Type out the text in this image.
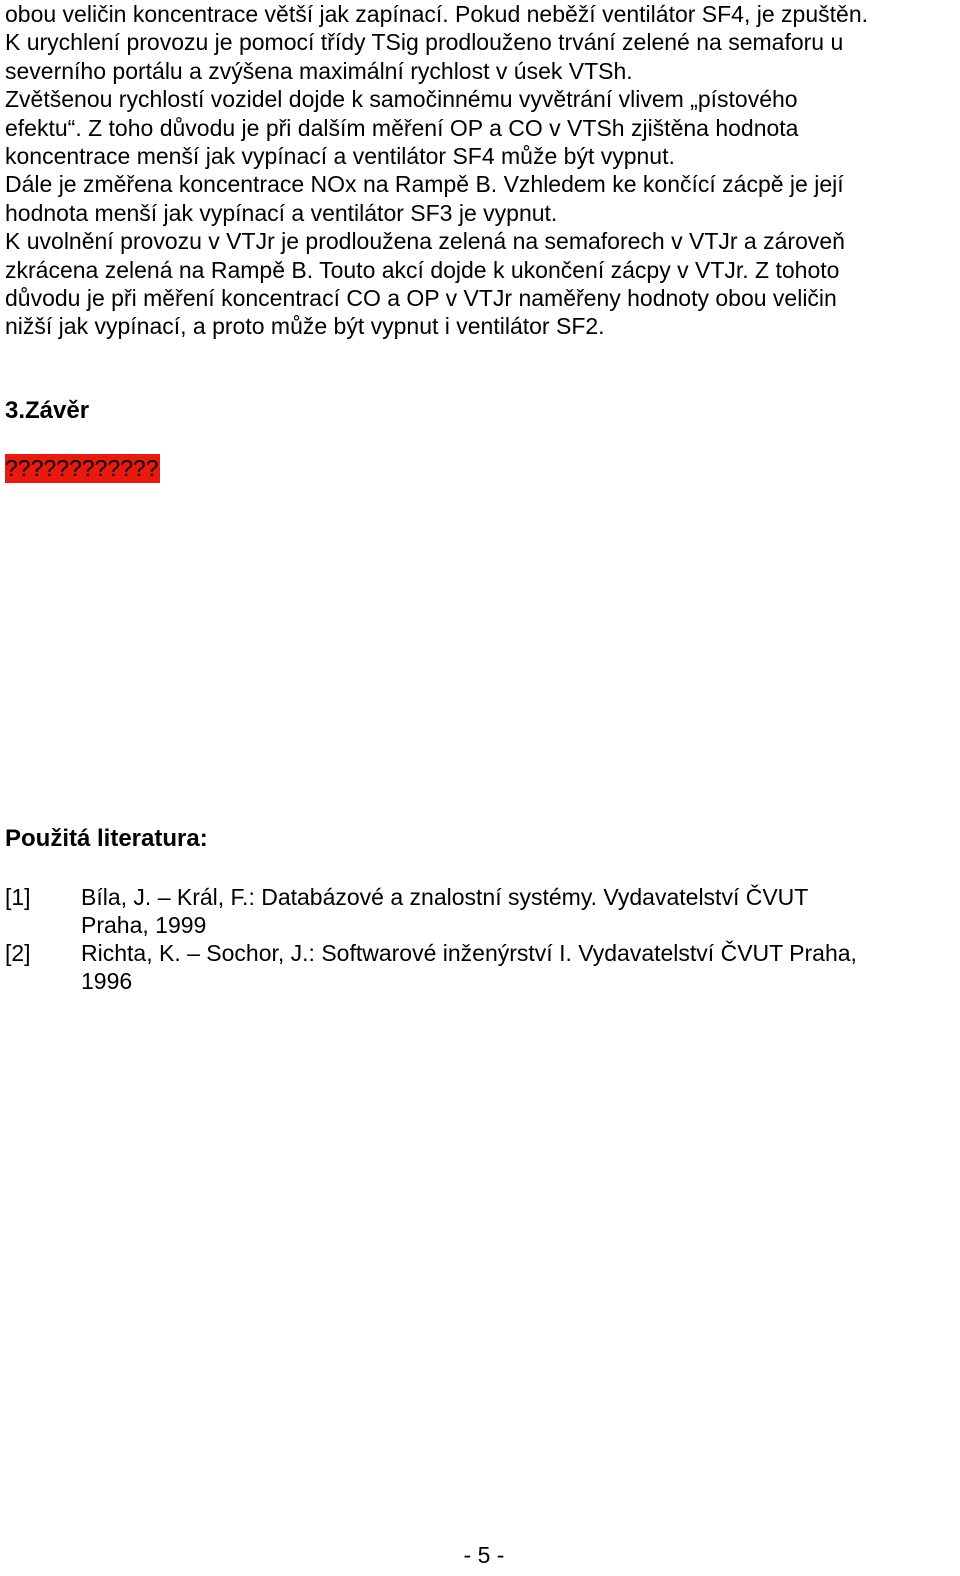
obou veličin koncentrace větší jak zapínací. Pokud neběží ventilátor SF4, je zpuštěn.

K urychlení provozu je pomocí třídy TSig prodlouženo trvání zelené na semaforu u

severního portálu a zvýšena maximální rychlost v úsek VTSh.

Zvětšenou rychlostí vozidel dojde k samočinnému vyvětrání vlivem „pístového

efektu“. Z toho důvodu je při dalším měření OP a CO v VTSh zjištěna hodnota

koncentrace menší jak vypínací a ventilátor SF4 může být vypnut.

Dále je změřena koncentrace NOx na Rampě B. Vzhledem ke končící zácpě je její

hodnota menší jak vypínací a ventilátor SF3 je vypnut.

K uvolnění provozu v VTJr je prodloužena zelená na semaforech v VTJr a zároveň

zkrácena zelená na Rampě B. Touto akcí dojde k ukončení zácpy v VTJr. Z tohoto

důvodu je při měření koncentrací CO a OP v VTJr naměřeny hodnoty obou veličin

nižší jak vypínací, a proto může být vypnut i ventilátor SF2.

3.Závěr
????????????
Použitá literatura:
[1] Bíla, J. – Král, F.: Databázové a znalostní systémy. Vydavatelství ČVUT
Praha, 1999
[2] Richta, K. – Sochor, J.: Softwarové inženýrství I. Vydavatelství ČVUT Praha,
1996
- 5 -
